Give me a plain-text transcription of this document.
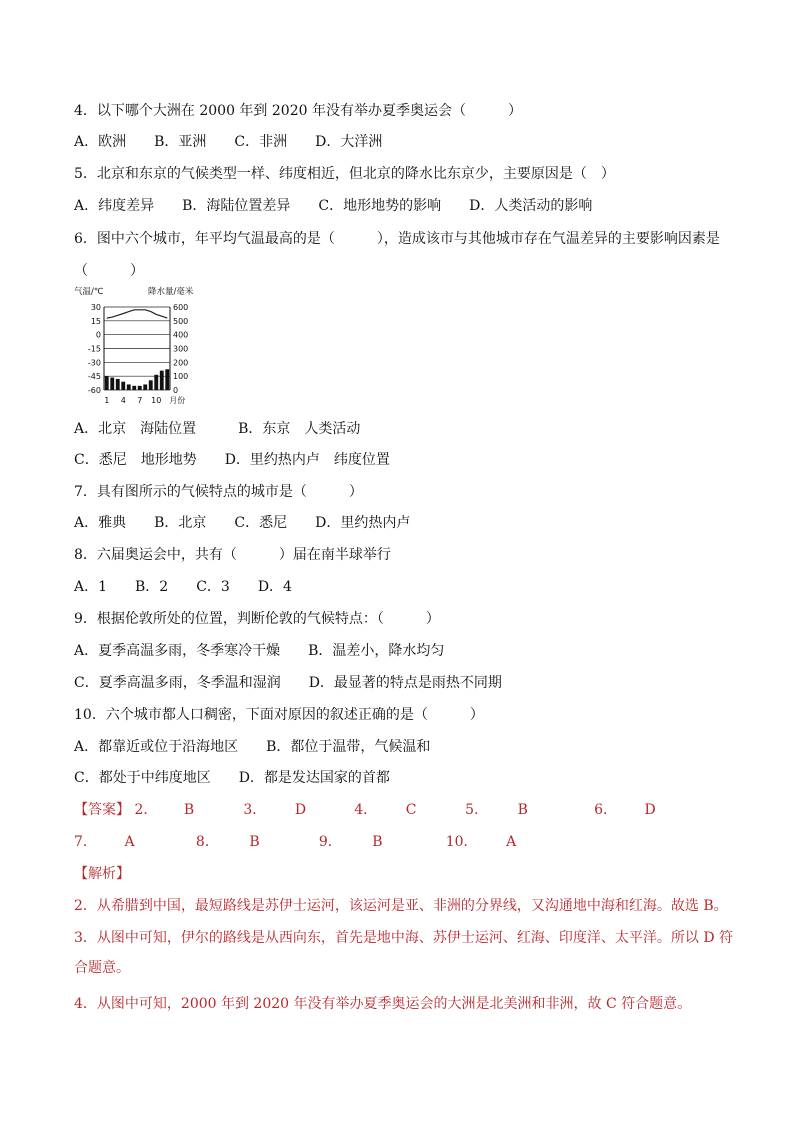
4．以下哪个大洲在 2000 年到 2020 年没有举办夏季奥运会（　　　）
A．欧洲　　B．亚洲　　C．非洲　　D．大洋洲
5．北京和东京的气候类型一样、纬度相近，但北京的降水比东京少，主要原因是（　）
A．纬度差异　　B．海陆位置差异　　C．地形地势的影响　　D．人类活动的影响
6．图中六个城市，年平均气温最高的是（　　　），造成该市与其他城市存在气温差异的主要影响因素是
（　　　）
气温/℃	降水量/毫米
30
15
0
-15
-30
-45
-60
600
500
400
300
200
100
0
1 4 7 10 月份
A．北京　海陆位置　　　B．东京　人类活动
C．悉尼　地形地势　　D．里约热内卢　纬度位置
7．具有图所示的气候特点的城市是（　　　）
A．雅典　　B．北京　　C．悉尼　　D．里约热内卢
8．六届奥运会中，共有（　　　）届在南半球举行
A．1　　B．2　　C．3　　D．4
9．根据伦敦所处的位置，判断伦敦的气候特点：（　　　）
A．夏季高温多雨，冬季寒冷干燥　　B．温差小，降水均匀
C．夏季高温多雨，冬季温和湿润　　D．最显著的特点是雨热不同期
10．六个城市都人口稠密，下面对原因的叙述正确的是（　　　）
A．都靠近或位于沿海地区　　B．都位于温带，气候温和
C．都处于中纬度地区　　D．都是发达国家的首都
【答案】 2． B	3． D	4． C	5． B	6． D
7． A	8． B	9． B	10． A
【解析】
2．从希腊到中国，最短路线是苏伊士运河，该运河是亚、非洲的分界线，又沟通地中海和红海。故选 B。
3．从图中可知，伊尔的路线是从西向东，首先是地中海、苏伊士运河、红海、印度洋、太平洋。所以 D 符
合题意。
4．从图中可知，2000 年到 2020 年没有举办夏季奥运会的大洲是北美洲和非洲，故 C 符合题意。
